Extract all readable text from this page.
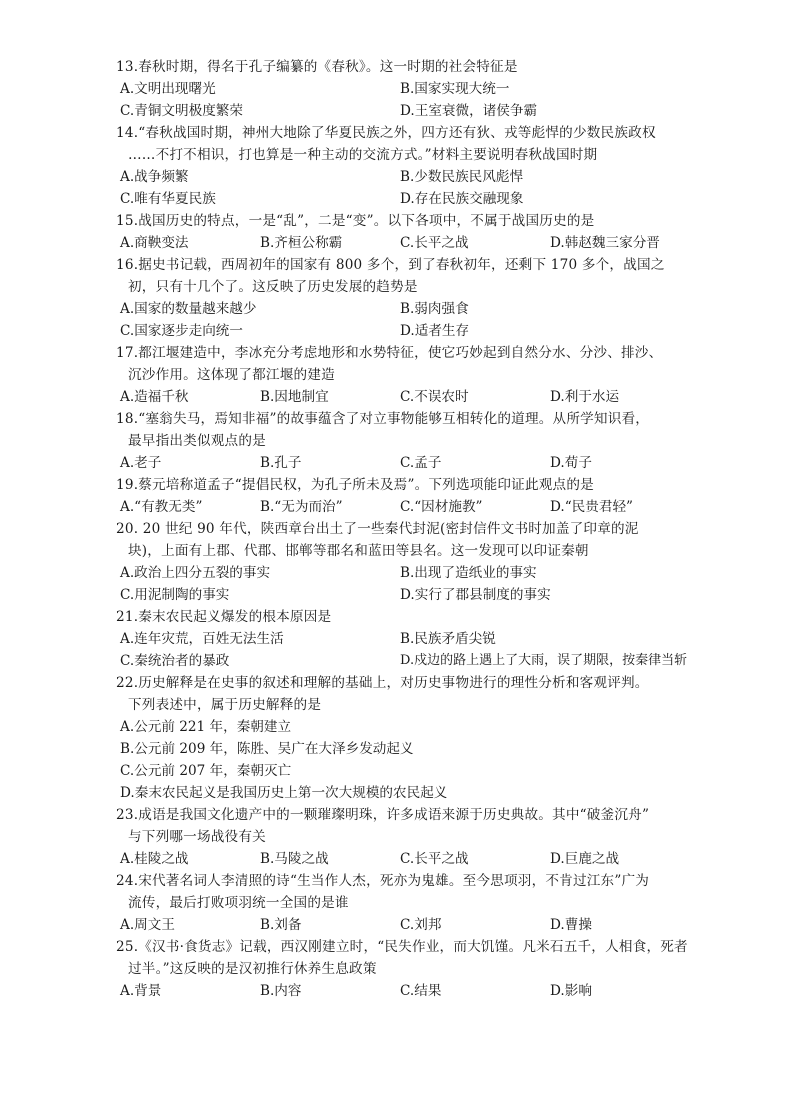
13.春秋时期，得名于孔子编纂的《春秋》。这一时期的社会特征是
A.文明出现曙光	B.国家实现大统一
C.青铜文明极度繁荣	D.王室衰微，诸侯争霸
14.“春秋战国时期，神州大地除了华夏民族之外，四方还有狄、戎等彪悍的少数民族政权
……不打不相识，打也算是一种主动的交流方式。”材料主要说明春秋战国时期
A.战争频繁	B.少数民族民风彪悍
C.唯有华夏民族	D.存在民族交融现象
15.战国历史的特点，一是“乱”，二是“变”。以下各项中，不属于战国历史的是
A.商鞅变法	B.齐桓公称霸	C.长平之战	D.韩赵魏三家分晋
16.据史书记载，西周初年的国家有 800 多个，到了春秋初年，还剩下 170 多个，战国之
初，只有十几个了。这反映了历史发展的趋势是
A.国家的数量越来越少	B.弱肉强食
C.国家逐步走向统一	D.适者生存
17.都江堰建造中，李冰充分考虑地形和水势特征，使它巧妙起到自然分水、分沙、排沙、
沉沙作用。这体现了都江堰的建造
A.造福千秋	B.因地制宜	C.不误农时	D.利于水运
18.“塞翁失马，焉知非福”的故事蕴含了对立事物能够互相转化的道理。从所学知识看，
最早指出类似观点的是
A.老子	B.孔子	C.孟子	D.荀子
19.蔡元培称道孟子“提倡民权，为孔子所未及焉”。下列选项能印证此观点的是
A.“有教无类”	B.“无为而治”	C.“因材施教”	D.“民贵君轻”
20. 20 世纪 90 年代，陕西章台出土了一些秦代封泥(密封信件文书时加盖了印章的泥
块)，上面有上郡、代郡、邯郸等郡名和蓝田等县名。这一发现可以印证秦朝
A.政治上四分五裂的事实	B.出现了造纸业的事实
C.用泥制陶的事实	D.实行了郡县制度的事实
21.秦末农民起义爆发的根本原因是
A.连年灾荒，百姓无法生活	B.民族矛盾尖锐
C.秦统治者的暴政	D.戍边的路上遇上了大雨，误了期限，按秦律当斩
22.历史解释是在史事的叙述和理解的基础上，对历史事物进行的理性分析和客观评判。
下列表述中，属于历史解释的是
A.公元前 221 年，秦朝建立
B.公元前 209 年，陈胜、吴广在大泽乡发动起义
C.公元前 207 年，秦朝灭亡
D.秦末农民起义是我国历史上第一次大规模的农民起义
23.成语是我国文化遗产中的一颗璀璨明珠，许多成语来源于历史典故。其中“破釜沉舟”
与下列哪一场战役有关
A.桂陵之战	B.马陵之战	C.长平之战	D.巨鹿之战
24.宋代著名词人李清照的诗“生当作人杰，死亦为鬼雄。至今思项羽，不肯过江东”广为
流传，最后打败项羽统一全国的是谁
A.周文王	B.刘备	C.刘邦	D.曹操
25.《汉书·食货志》记载，西汉刚建立时，“民失作业，而大饥馑。凡米石五千，人相食，死者
过半。”这反映的是汉初推行休养生息政策
A.背景	B.内容	C.结果	D.影响
